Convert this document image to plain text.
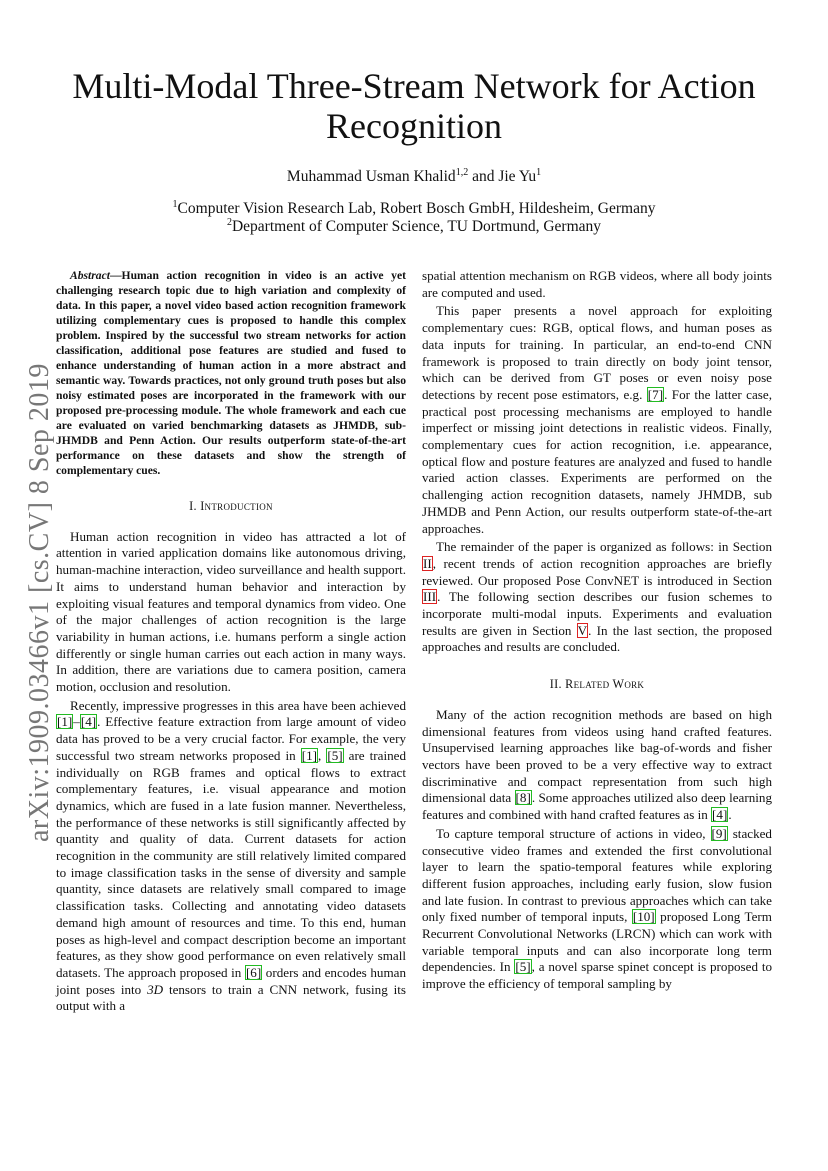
Multi-Modal Three-Stream Network for Action Recognition
Muhammad Usman Khalid$^{1,2}$ and Jie Yu$^1$
$^1$Computer Vision Research Lab, Robert Bosch GmbH, Hildesheim, Germany
$^2$Department of Computer Science, TU Dortmund, Germany
arXiv:1909.03466v1 [cs.CV] 8 Sep 2019

Abstract—Human action recognition in video is an active yet challenging research topic due to high variation and complexity of data. In this paper, a novel video based action recognition framework utilizing complementary cues is proposed to handle this complex problem. Inspired by the successful two stream networks for action classification, additional pose features are studied and fused to enhance understanding of human action in a more abstract and semantic way. Towards practices, not only ground truth poses but also noisy estimated poses are incorporated in the framework with our proposed pre-processing module. The whole framework and each cue are evaluated on varied benchmarking datasets as JHMDB, sub-JHMDB and Penn Action. Our results outperform state-of-the-art performance on these datasets and show the strength of complementary cues.

I. Introduction

Human action recognition in video has attracted a lot of attention in varied application domains like autonomous driving, human-machine interaction, video surveillance and health support. It aims to understand human behavior and interaction by exploiting visual features and temporal dynamics from video. One of the major challenges of action recognition is the large variability in human actions, i.e. humans perform a single action differently or single human carries out each action in many ways. In addition, there are variations due to camera position, camera motion, occlusion and resolution.

Recently, impressive progresses in this area have been achieved [1]–[4]. Effective feature extraction from large amount of video data has proved to be a very crucial factor. For example, the very successful two stream networks proposed in [1], [5] are trained individually on RGB frames and optical flows to extract complementary features, i.e. visual appearance and motion dynamics, which are fused in a late fusion manner. Nevertheless, the performance of these networks is still significantly affected by quantity and quality of data. Current datasets for action recognition in the community are still relatively limited compared to image classification tasks in the sense of diversity and sample quantity, since datasets are relatively small compared to image classification tasks. Collecting and annotating video datasets demand high amount of resources and time. To this end, human poses as high-level and compact description become an important features, as they show good performance on even relatively small datasets. The approach proposed in [6] orders and encodes human joint poses into 3D tensors to train a CNN network, fusing its output with a

spatial attention mechanism on RGB videos, where all body joints are computed and used.

This paper presents a novel approach for exploiting complementary cues: RGB, optical flows, and human poses as data inputs for training. In particular, an end-to-end CNN framework is proposed to train directly on body joint tensor, which can be derived from GT poses or even noisy pose detections by recent pose estimators, e.g. [7]. For the latter case, practical post processing mechanisms are employed to handle imperfect or missing joint detections in realistic videos. Finally, complementary cues for action recognition, i.e. appearance, optical flow and posture features are analyzed and fused to handle varied action classes. Experiments are performed on the challenging action recognition datasets, namely JHMDB, sub JHMDB and Penn Action, our results outperform state-of-the-art approaches.

The remainder of the paper is organized as follows: in Section II, recent trends of action recognition approaches are briefly reviewed. Our proposed Pose ConvNET is introduced in Section III. The following section describes our fusion schemes to incorporate multi-modal inputs. Experiments and evaluation results are given in Section V. In the last section, the proposed approaches and results are concluded.

II. Related Work

Many of the action recognition methods are based on high dimensional features from videos using hand crafted features. Unsupervised learning approaches like bag-of-words and fisher vectors have been proved to be a very effective way to extract discriminative and compact representation from such high dimensional data [8]. Some approaches utilized also deep learning features and combined with hand crafted features as in [4].

To capture temporal structure of actions in video, [9] stacked consecutive video frames and extended the first convolutional layer to learn the spatio-temporal features while exploring different fusion approaches, including early fusion, slow fusion and late fusion. In contrast to previous approaches which can take only fixed number of temporal inputs, [10] proposed Long Term Recurrent Convolutional Networks (LRCN) which can work with variable temporal inputs and can also incorporate long term dependencies. In [5], a novel sparse spinet concept is proposed to improve the efficiency of temporal sampling by
